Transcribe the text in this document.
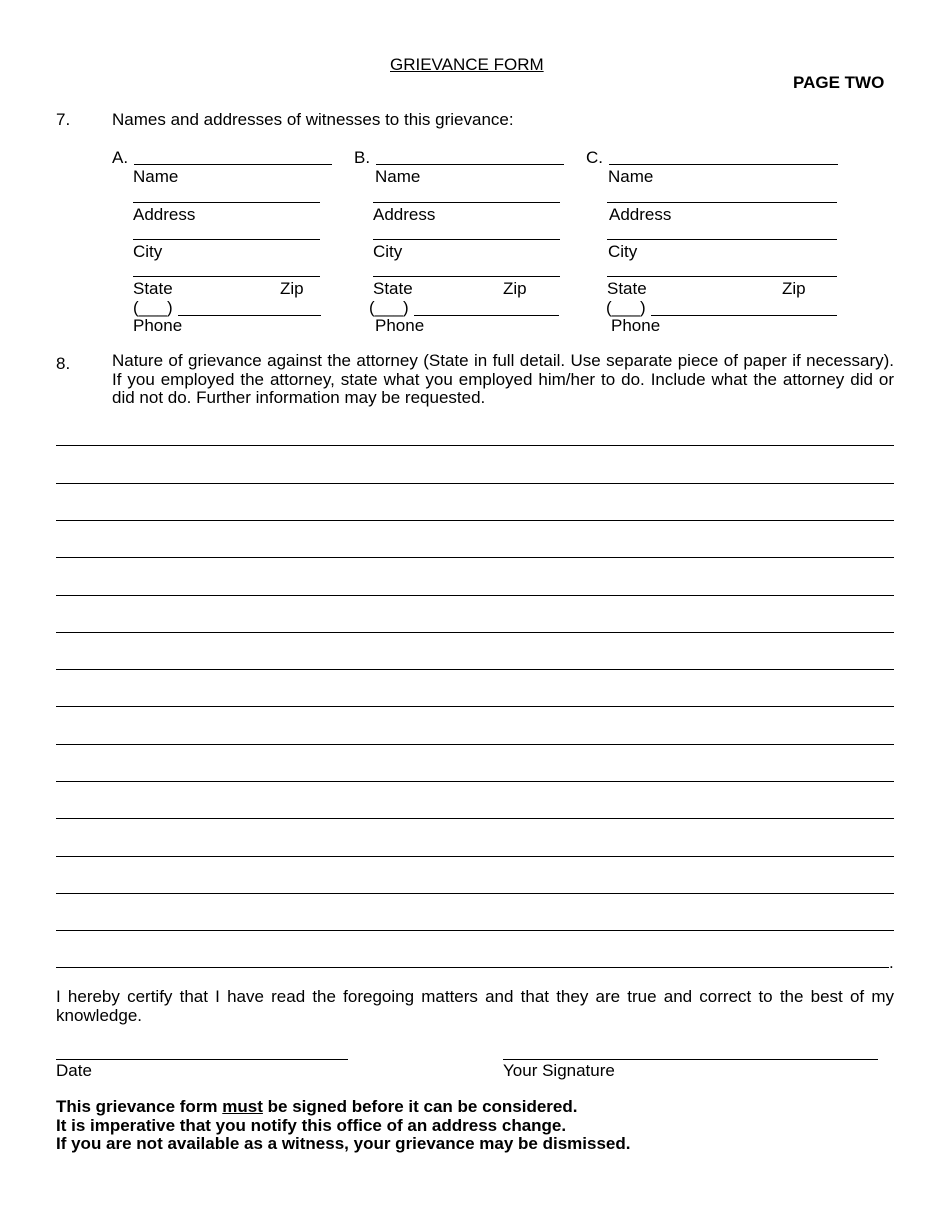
GRIEVANCE FORM
PAGE TWO
7. Names and addresses of witnesses to this grievance:
A.
Name
Address
City
State	Zip
(___)
Phone
B.
Name
Address
City
State	Zip
(___)
Phone
C.
Name
Address
City
State	Zip
(___)
Phone
8. Nature of grievance against the attorney (State in full detail. Use separate piece of paper if necessary). If you employed the attorney, state what you employed him/her to do. Include what the attorney did or did not do. Further information may be requested.
.
I hereby certify that I have read the foregoing matters and that they are true and correct to the best of my knowledge.
Date	Your Signature
This grievance form must be signed before it can be considered.
It is imperative that you notify this office of an address change.
If you are not available as a witness, your grievance may be dismissed.
